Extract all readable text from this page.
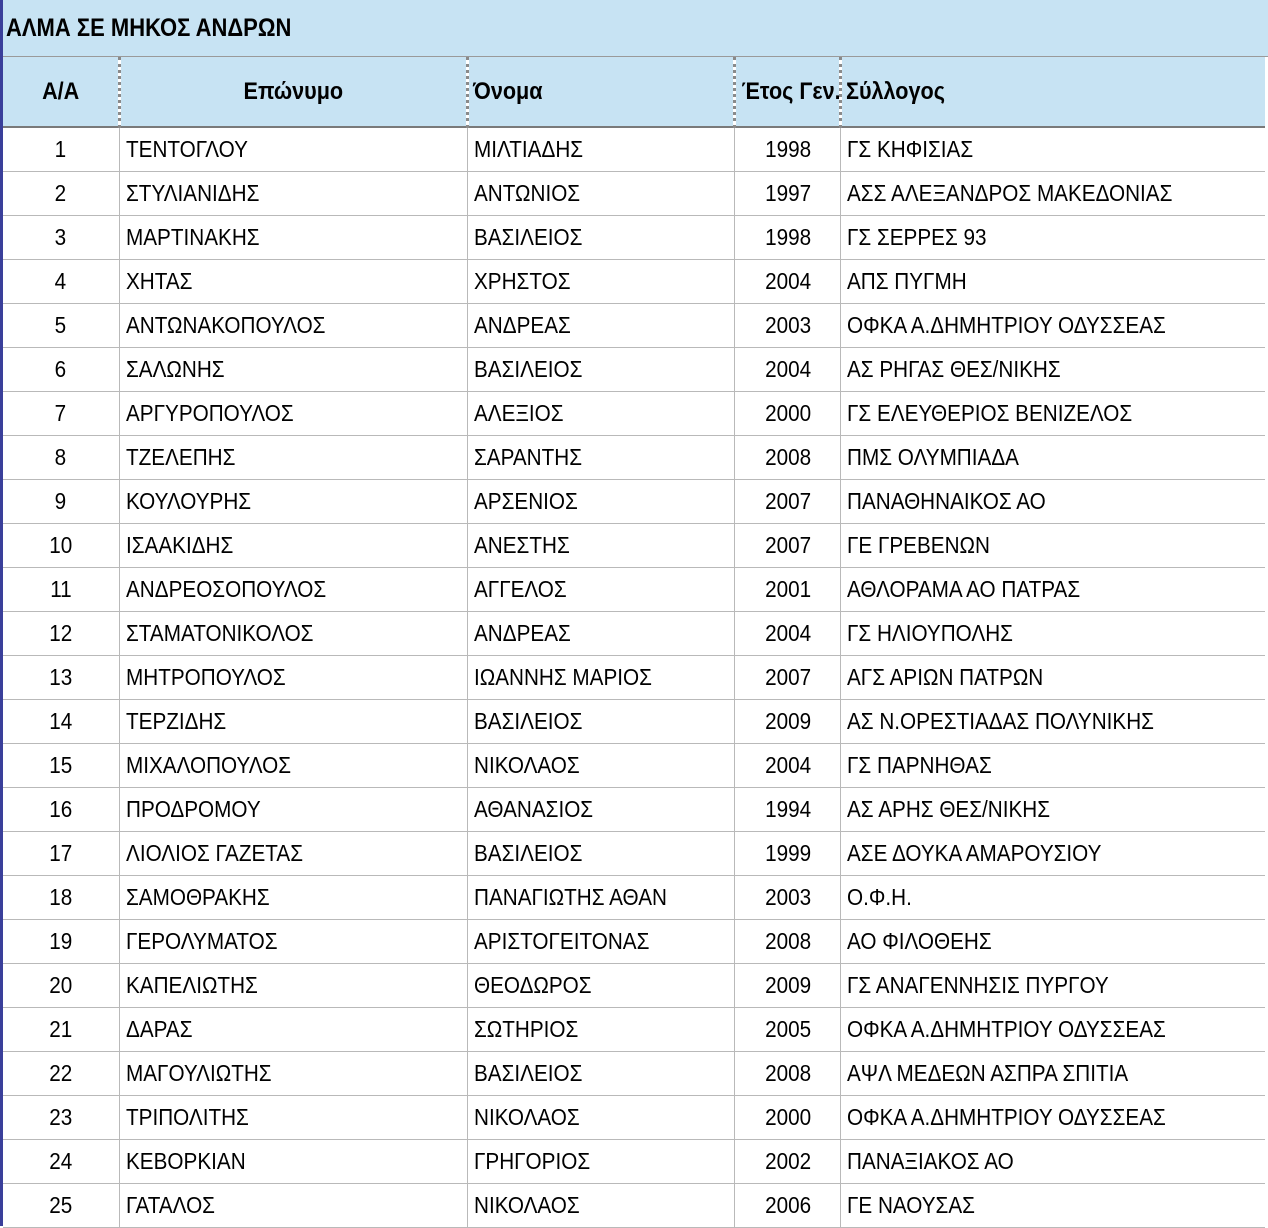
ΑΛΜΑ ΣΕ ΜΗΚΟΣ ΑΝΔΡΩΝ
Α/Α	Επώνυμο	Όνομα	Έτος Γεν.	Σύλλογος
1	ΤΕΝΤΟΓΛΟΥ	ΜΙΛΤΙΑΔΗΣ	1998	ΓΣ ΚΗΦΙΣΙΑΣ
2	ΣΤΥΛΙΑΝΙΔΗΣ	ΑΝΤΩΝΙΟΣ	1997	ΑΣΣ ΑΛΕΞΑΝΔΡΟΣ ΜΑΚΕΔΟΝΙΑΣ
3	ΜΑΡΤΙΝΑΚΗΣ	ΒΑΣΙΛΕΙΟΣ	1998	ΓΣ ΣΕΡΡΕΣ 93
4	ΧΗΤΑΣ	ΧΡΗΣΤΟΣ	2004	ΑΠΣ ΠΥΓΜΗ
5	ΑΝΤΩΝΑΚΟΠΟΥΛΟΣ	ΑΝΔΡΕΑΣ	2003	ΟΦΚΑ Α.ΔΗΜΗΤΡΙΟΥ ΟΔΥΣΣΕΑΣ
6	ΣΑΛΩΝΗΣ	ΒΑΣΙΛΕΙΟΣ	2004	ΑΣ ΡΗΓΑΣ ΘΕΣ/ΝΙΚΗΣ
7	ΑΡΓΥΡΟΠΟΥΛΟΣ	ΑΛΕΞΙΟΣ	2000	ΓΣ ΕΛΕΥΘΕΡΙΟΣ ΒΕΝΙΖΕΛΟΣ
8	ΤΖΕΛΕΠΗΣ	ΣΑΡΑΝΤΗΣ	2008	ΠΜΣ ΟΛΥΜΠΙΑΔΑ
9	ΚΟΥΛΟΥΡΗΣ	ΑΡΣΕΝΙΟΣ	2007	ΠΑΝΑΘΗΝΑΙΚΟΣ ΑΟ
10	ΙΣΑΑΚΙΔΗΣ	ΑΝΕΣΤΗΣ	2007	ΓΕ ΓΡΕΒΕΝΩΝ
11	ΑΝΔΡΕΟΣΟΠΟΥΛΟΣ	ΑΓΓΕΛΟΣ	2001	ΑΘΛΟΡΑΜΑ ΑΟ ΠΑΤΡΑΣ
12	ΣΤΑΜΑΤΟΝΙΚΟΛΟΣ	ΑΝΔΡΕΑΣ	2004	ΓΣ ΗΛΙΟΥΠΟΛΗΣ
13	ΜΗΤΡΟΠΟΥΛΟΣ	ΙΩΑΝΝΗΣ ΜΑΡΙΟΣ	2007	ΑΓΣ ΑΡΙΩΝ ΠΑΤΡΩΝ
14	ΤΕΡΖΙΔΗΣ	ΒΑΣΙΛΕΙΟΣ	2009	ΑΣ Ν.ΟΡΕΣΤΙΑΔΑΣ ΠΟΛΥΝΙΚΗΣ
15	ΜΙΧΑΛΟΠΟΥΛΟΣ	ΝΙΚΟΛΑΟΣ	2004	ΓΣ ΠΑΡΝΗΘΑΣ
16	ΠΡΟΔΡΟΜΟΥ	ΑΘΑΝΑΣΙΟΣ	1994	ΑΣ ΑΡΗΣ ΘΕΣ/ΝΙΚΗΣ
17	ΛΙΟΛΙΟΣ ΓΑΖΕΤΑΣ	ΒΑΣΙΛΕΙΟΣ	1999	ΑΣΕ ΔΟΥΚΑ ΑΜΑΡΟΥΣΙΟΥ
18	ΣΑΜΟΘΡΑΚΗΣ	ΠΑΝΑΓΙΩΤΗΣ ΑΘΑΝ	2003	Ο.Φ.Η.
19	ΓΕΡΟΛΥΜΑΤΟΣ	ΑΡΙΣΤΟΓΕΙΤΟΝΑΣ	2008	ΑΟ ΦΙΛΟΘΕΗΣ
20	ΚΑΠΕΛΙΩΤΗΣ	ΘΕΟΔΩΡΟΣ	2009	ΓΣ ΑΝΑΓΕΝΝΗΣΙΣ ΠΥΡΓΟΥ
21	ΔΑΡΑΣ	ΣΩΤΗΡΙΟΣ	2005	ΟΦΚΑ Α.ΔΗΜΗΤΡΙΟΥ ΟΔΥΣΣΕΑΣ
22	ΜΑΓΟΥΛΙΩΤΗΣ	ΒΑΣΙΛΕΙΟΣ	2008	ΑΨΛ ΜΕΔΕΩΝ ΑΣΠΡΑ ΣΠΙΤΙΑ
23	ΤΡΙΠΟΛΙΤΗΣ	ΝΙΚΟΛΑΟΣ	2000	ΟΦΚΑ Α.ΔΗΜΗΤΡΙΟΥ ΟΔΥΣΣΕΑΣ
24	ΚΕΒΟΡΚΙΑΝ	ΓΡΗΓΟΡΙΟΣ	2002	ΠΑΝΑΞΙΑΚΟΣ ΑΟ
25	ΓΑΤΑΛΟΣ	ΝΙΚΟΛΑΟΣ	2006	ΓΕ ΝΑΟΥΣΑΣ
